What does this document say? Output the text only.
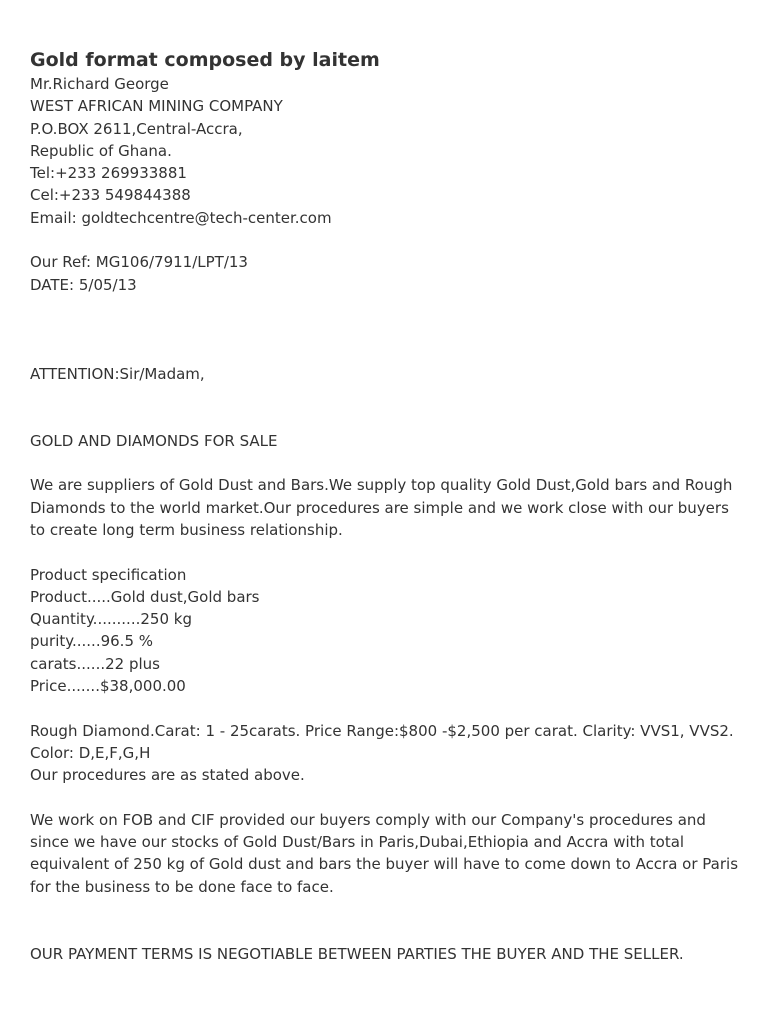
Gold format composed by laitem

Mr.Richard George

WEST AFRICAN MINING COMPANY

P.O.BOX 2611,Central-Accra,

Republic of Ghana.

Tel:+233 269933881

Cel:+233 549844388

Email: goldtechcentre@tech-center.com

Our Ref: MG106/7911/LPT/13

DATE: 5/05/13

ATTENTION:Sir/Madam,

GOLD AND DIAMONDS FOR SALE

We are suppliers of Gold Dust and Bars.We supply top quality Gold Dust,Gold bars and Rough Diamonds to the world market.Our procedures are simple and we work close with our buyers to create long term business relationship.

Product specification

Product.....Gold dust,Gold bars

Quantity..........250 kg

purity......96.5 %

carats......22 plus

Price.......$38,000.00

Rough Diamond.Carat: 1 - 25carats. Price Range:$800 -$2,500 per carat. Clarity: VVS1, VVS2.

Color: D,E,F,G,H

Our procedures are as stated above.

We work on FOB and CIF provided our buyers comply with our Company's procedures and since we have our stocks of Gold Dust/Bars in Paris,Dubai,Ethiopia and Accra with total equivalent of 250 kg of Gold dust and bars the buyer will have to come down to Accra or Paris for the business to be done face to face.

OUR PAYMENT TERMS IS NEGOTIABLE BETWEEN PARTIES THE BUYER AND THE SELLER.
